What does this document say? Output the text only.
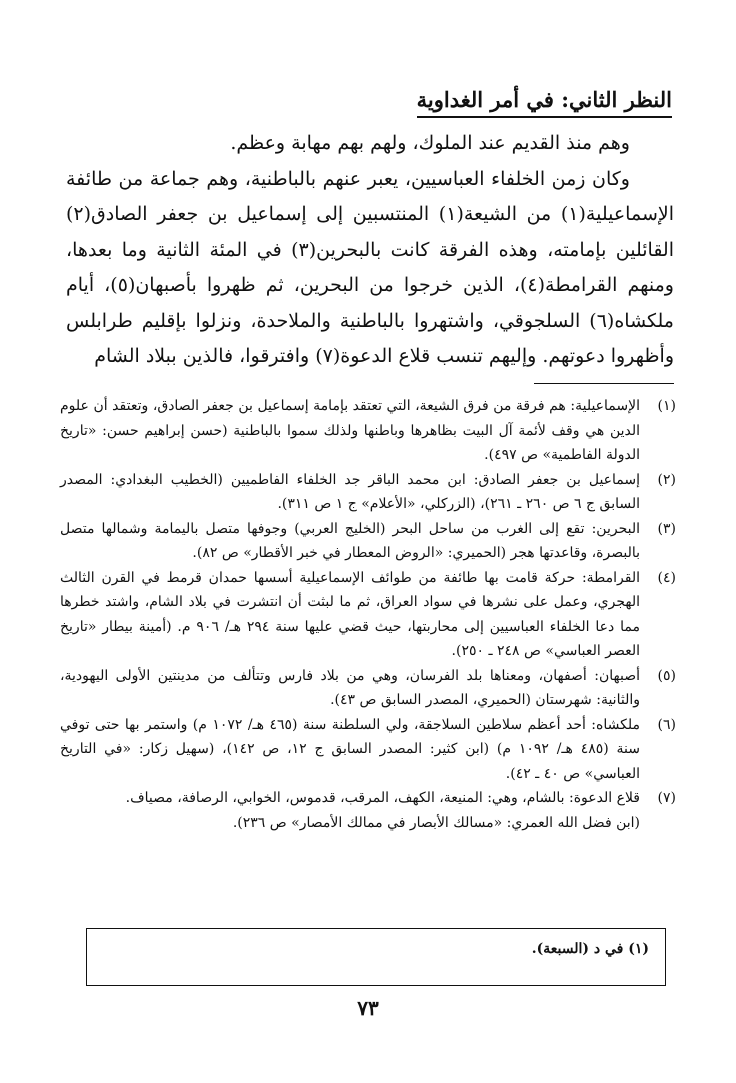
النظر الثاني: في أمر الغداوية

وهم منذ القديم عند الملوك، ولهم بهم مهابة وعظم.

وكان زمن الخلفاء العباسيين، يعبر عنهم بالباطنية، وهم جماعة من طائفة الإسماعيلية(١) من الشيعة(١) المنتسبين إلى إسماعيل بن جعفر الصادق(٢) القائلين بإمامته، وهذه الفرقة كانت بالبحرين(٣) في المئة الثانية وما بعدها، ومنهم القرامطة(٤)، الذين خرجوا من البحرين، ثم ظهروا بأصبهان(٥)، أيام ملكشاه(٦) السلجوقي، واشتهروا بالباطنية والملاحدة، ونزلوا بإقليم طرابلس وأظهروا دعوتهم. وإليهم تنسب قلاع الدعوة(٧) وافترقوا، فالذين ببلاد الشام

(١)
الإسماعيلية: هم فرقة من فرق الشيعة، التي تعتقد بإمامة إسماعيل بن جعفر الصادق، وتعتقد أن علوم الدين هي وقف لأئمة آل البيت بظاهرها وباطنها ولذلك سموا بالباطنية (حسن إبراهيم حسن: «تاريخ الدولة الفاطمية» ص ٤٩٧).
(٢)
إسماعيل بن جعفر الصادق: ابن محمد الباقر جد الخلفاء الفاطميين (الخطيب البغدادي: المصدر السابق ج ٦ ص ٢٦٠ ـ ٢٦١)، (الزركلي، «الأعلام» ج ١ ص ٣١١).
(٣)
البحرين: تقع إلى الغرب من ساحل البحر (الخليج العربي) وجوفها متصل باليمامة وشمالها متصل بالبصرة، وقاعدتها هجر (الحميري: «الروض المعطار في خبر الأقطار» ص ٨٢).
(٤)
القرامطة: حركة قامت بها طائفة من طوائف الإسماعيلية أسسها حمدان قرمط في القرن الثالث الهجري، وعمل على نشرها في سواد العراق، ثم ما لبثت أن انتشرت في بلاد الشام، واشتد خطرها مما دعا الخلفاء العباسيين إلى محاربتها، حيث قضي عليها سنة ٢٩٤ هـ/ ٩٠٦ م. (أمينة بيطار «تاريخ العصر العباسي» ص ٢٤٨ ـ ٢٥٠).
(٥)
أصبهان: أصفهان، ومعناها بلد الفرسان، وهي من بلاد فارس وتتألف من مدينتين الأولى اليهودية، والثانية: شهرستان (الحميري، المصدر السابق ص ٤٣).
(٦)
ملكشاه: أحد أعظم سلاطين السلاجقة، ولي السلطنة سنة (٤٦٥ هـ/ ١٠٧٢ م) واستمر بها حتى توفي سنة (٤٨٥ هـ/ ١٠٩٢ م) (ابن كثير: المصدر السابق ج ١٢، ص ١٤٢)، (سهيل زكار: «في التاريخ العباسي» ص ٤٠ ـ ٤٢).
(٧)
قلاع الدعوة: بالشام، وهي: المنيعة، الكهف، المرقب، قدموس، الخوابي، الرصافة، مصياف.
(ابن فضل الله العمري: «مسالك الأبصار في ممالك الأمصار» ص ٢٣٦).
(١) في د (السبعة).
٧٣
